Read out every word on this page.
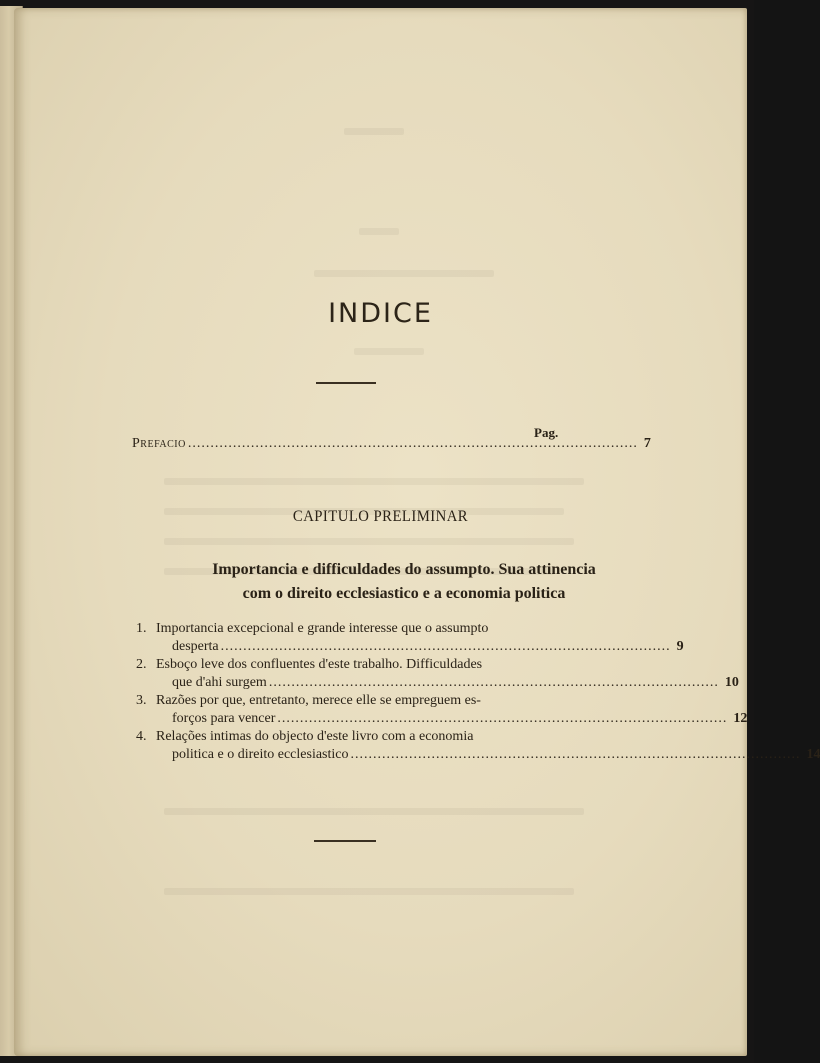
INDICE
Pag.
Prefacio .................................................................................................... 7
CAPITULO PRELIMINAR
Importancia e difficuldades do assumpto. Sua attinencia
com o direito ecclesiastico e a economia politica
1. Importancia excepcional e grande interesse que o assumpto
desperta .................................................................................................... 9
2. Esboço leve dos confluentes d'este trabalho. Difficuldades
que d'ahi surgem .................................................................................................... 10
3. Razões por que, entretanto, merece elle se empreguem es-
forços para vencer .................................................................................................... 12
4. Relações intimas do objecto d'este livro com a economia
politica e o direito ecclesiastico .................................................................................................... 14
